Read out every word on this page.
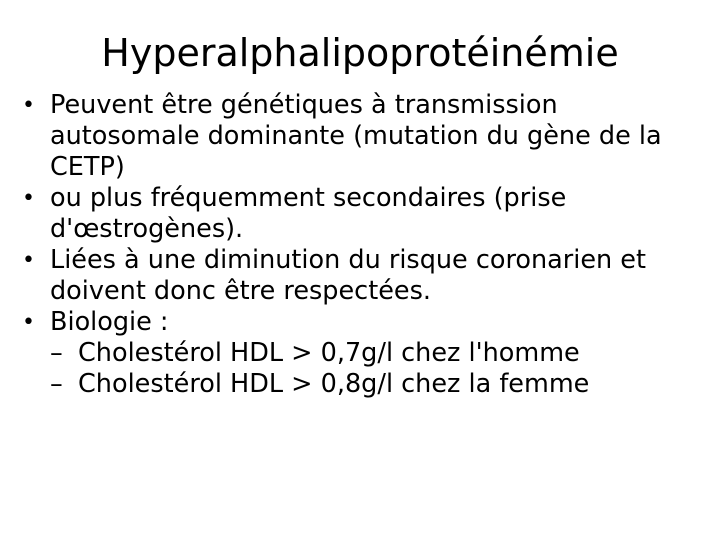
Hyperalphalipoprotéinémie
• Peuvent être génétiques à transmission autosomale dominante (mutation du gène de la CETP)
• ou plus fréquemment secondaires (prise d'œstrogènes).
• Liées à une diminution du risque coronarien et doivent donc être respectées.
• Biologie :
– Cholestérol HDL > 0,7g/l chez l'homme
– Cholestérol HDL > 0,8g/l chez la femme
